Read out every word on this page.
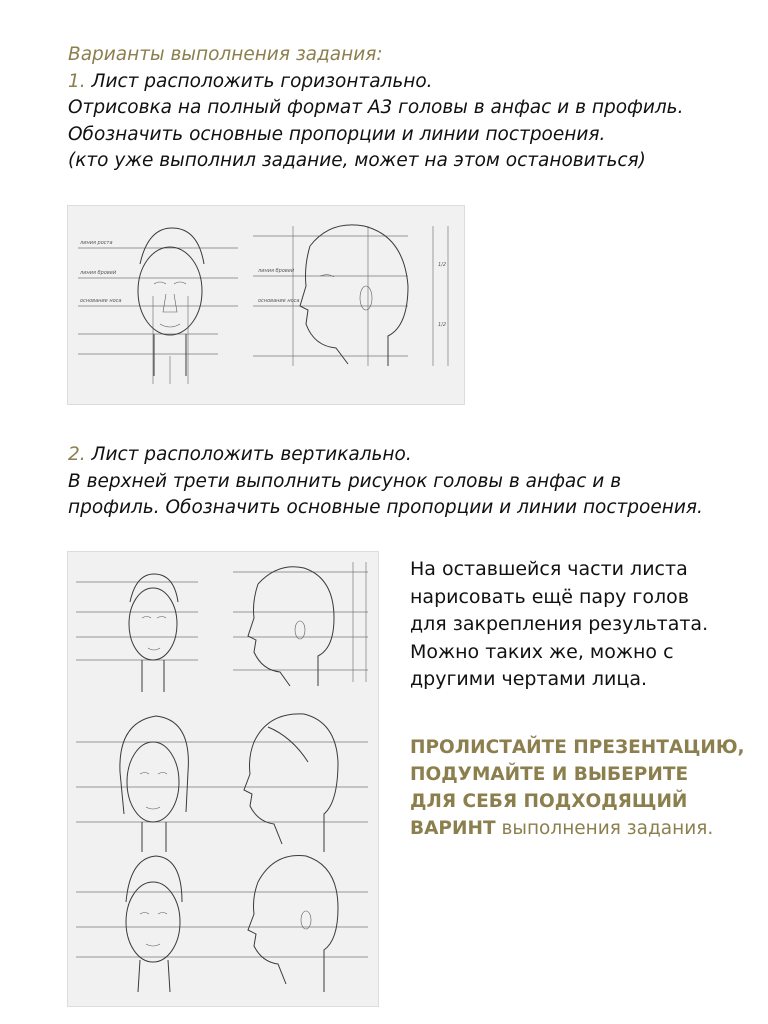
Варианты выполнения задания:
1. Лист расположить горизонтально.
Отрисовка на полный формат А3 головы в анфас и в профиль.
Обозначить основные пропорции и линии построения.
(кто уже выполнил задание, может на этом остановиться)
линия роста
линия бровей
основание носа
линия бровей
основание носа
1/2
1/2
2. Лист расположить вертикально.
В верхней трети выполнить рисунок головы в анфас и в
профиль. Обозначить основные пропорции и линии построения.
На оставшейся части листа
нарисовать ещё пару голов
для закрепления результата.
Можно таких же, можно с
другими чертами лица.
ПРОЛИСТАЙТЕ ПРЕЗЕНТАЦИЮ,
ПОДУМАЙТЕ И ВЫБЕРИТЕ
ДЛЯ СЕБЯ ПОДХОДЯЩИЙ
ВАРИНТ выполнения задания.
